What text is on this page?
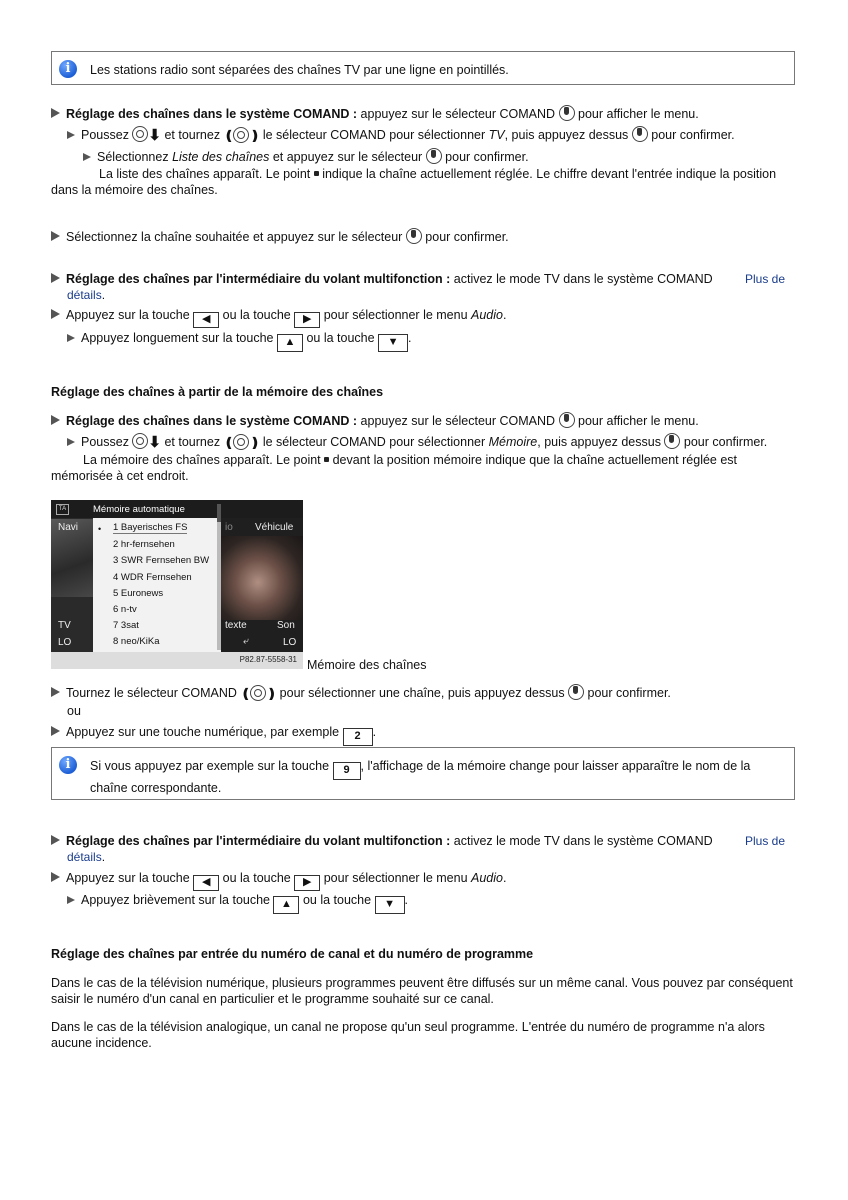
i	Les stations radio sont séparées des chaînes TV par une ligne en pointillés.
Réglage des chaînes dans le système COMAND : appuyez sur le sélecteur COMAND  pour afficher le menu.
Poussez ⬇ et tournez ❪ ❫ le sélecteur COMAND pour sélectionner TV, puis appuyez dessus  pour confirmer.
Sélectionnez Liste des chaînes et appuyez sur le sélecteur  pour confirmer.
La liste des chaînes apparaît. Le point  indique la chaîne actuellement réglée. Le chiffre devant l'entrée indique la position dans la mémoire des chaînes.
Sélectionnez la chaîne souhaitée et appuyez sur le sélecteur  pour confirmer.
Réglage des chaînes par l'intermédiaire du volant multifonction : activez le mode TV dans le système COMAND	Plus de
détails.
Appuyez sur la touche ◀ ou la touche ▶ pour sélectionner le menu Audio.
Appuyez longuement sur la touche ▲ ou la touche ▼ .
Réglage des chaînes à partir de la mémoire des chaînes
Réglage des chaînes dans le système COMAND : appuyez sur le sélecteur COMAND  pour afficher le menu.
Poussez ⬇ et tournez ❪ ❫ le sélecteur COMAND pour sélectionner Mémoire, puis appuyez dessus  pour confirmer.
La mémoire des chaînes apparaît. Le point  devant la position mémoire indique que la chaîne actuellement réglée est mémorisée à cet endroit.
TA	Mémoire automatique
Navi	io Véhicule
TV
LO
texte	Son
LO
⤶
• 1 Bayerisches FS
2 hr-fernsehen
3 SWR Fernsehen BW
4 WDR Fernsehen
5 Euronews
6 n-tv
7 3sat
8 neo/KiKa
P82.87-5558-31 Mémoire des chaînes
Tournez le sélecteur COMAND ❪ ❫ pour sélectionner une chaîne, puis appuyez dessus  pour confirmer.
ou
Appuyez sur une touche numérique, par exemple 2 .
i	Si vous appuyez par exemple sur la touche 9 , l'affichage de la mémoire change pour laisser apparaître le nom de la chaîne correspondante.
Réglage des chaînes par l'intermédiaire du volant multifonction : activez le mode TV dans le système COMAND	Plus de
détails.
Appuyez sur la touche ◀ ou la touche ▶ pour sélectionner le menu Audio.
Appuyez brièvement sur la touche ▲ ou la touche ▼ .
Réglage des chaînes par entrée du numéro de canal et du numéro de programme
Dans le cas de la télévision numérique, plusieurs programmes peuvent être diffusés sur un même canal. Vous pouvez par conséquent saisir le numéro d'un canal en particulier et le programme souhaité sur ce canal.
Dans le cas de la télévision analogique, un canal ne propose qu'un seul programme. L'entrée du numéro de programme n'a alors aucune incidence.
